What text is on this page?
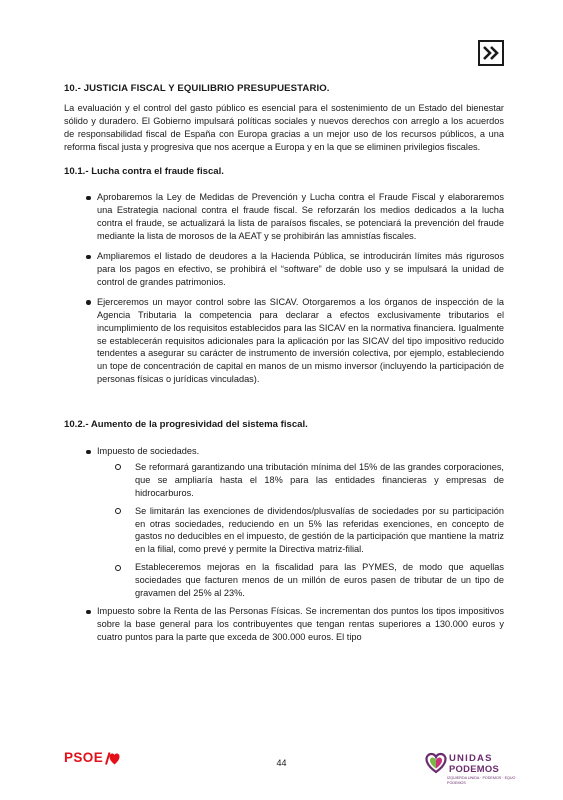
10.- JUSTICIA FISCAL Y EQUILIBRIO PRESUPUESTARIO.

La evaluación y el control del gasto público es esencial para el sostenimiento de un Estado del bienestar sólido y duradero. El Gobierno impulsará políticas sociales y nuevos derechos con arreglo a los acuerdos de responsabilidad fiscal de España con Europa gracias a un mejor uso de los recursos públicos, a una reforma fiscal justa y progresiva que nos acerque a Europa y en la que se eliminen privilegios fiscales.

10.1.- Lucha contra el fraude fiscal.
Aprobaremos la Ley de Medidas de Prevención y Lucha contra el Fraude Fiscal y elaboraremos una Estrategia nacional contra el fraude fiscal. Se reforzarán los medios dedicados a la lucha contra el fraude, se actualizará la lista de paraísos fiscales, se potenciará la prevención del fraude mediante la lista de morosos de la AEAT y se prohibirán las amnistías fiscales.
Ampliaremos el listado de deudores a la Hacienda Pública, se introducirán límites más rigurosos para los pagos en efectivo, se prohibirá el “software” de doble uso y se impulsará la unidad de control de grandes patrimonios.
Ejerceremos un mayor control sobre las SICAV. Otorgaremos a los órganos de inspección de la Agencia Tributaria la competencia para declarar a efectos exclusivamente tributarios el incumplimiento de los requisitos establecidos para las SICAV en la normativa financiera. Igualmente se establecerán requisitos adicionales para la aplicación por las SICAV del tipo impositivo reducido tendentes a asegurar su carácter de instrumento de inversión colectiva, por ejemplo, estableciendo un tope de concentración de capital en manos de un mismo inversor (incluyendo la participación de personas físicas o jurídicas vinculadas).
10.2.- Aumento de la progresividad del sistema fiscal.
Impuesto de sociedades.
Se reformará garantizando una tributación mínima del 15% de las grandes corporaciones, que se ampliaría hasta el 18% para las entidades financieras y empresas de hidrocarburos.
Se limitarán las exenciones de dividendos/plusvalías de sociedades por su participación en otras sociedades, reduciendo en un 5% las referidas exenciones, en concepto de gastos no deducibles en el impuesto, de gestión de la participación que mantiene la matriz en la filial, como prevé y permite la Directiva matriz-filial.
Estableceremos mejoras en la fiscalidad para las PYMES, de modo que aquellas sociedades que facturen menos de un millón de euros pasen de tributar de un tipo de gravamen del 25% al 23%.
Impuesto sobre la Renta de las Personas Físicas. Se incrementan dos puntos los tipos impositivos sobre la base general para los contribuyentes que tengan rentas superiores a 130.000 euros y cuatro puntos para la parte que exceda de 300.000 euros. El tipo
PSOE	44	UNIDAS
PODEMOS
IZQUIERDA UNIDA · PODEMOS · EQUO
PODEMOS
